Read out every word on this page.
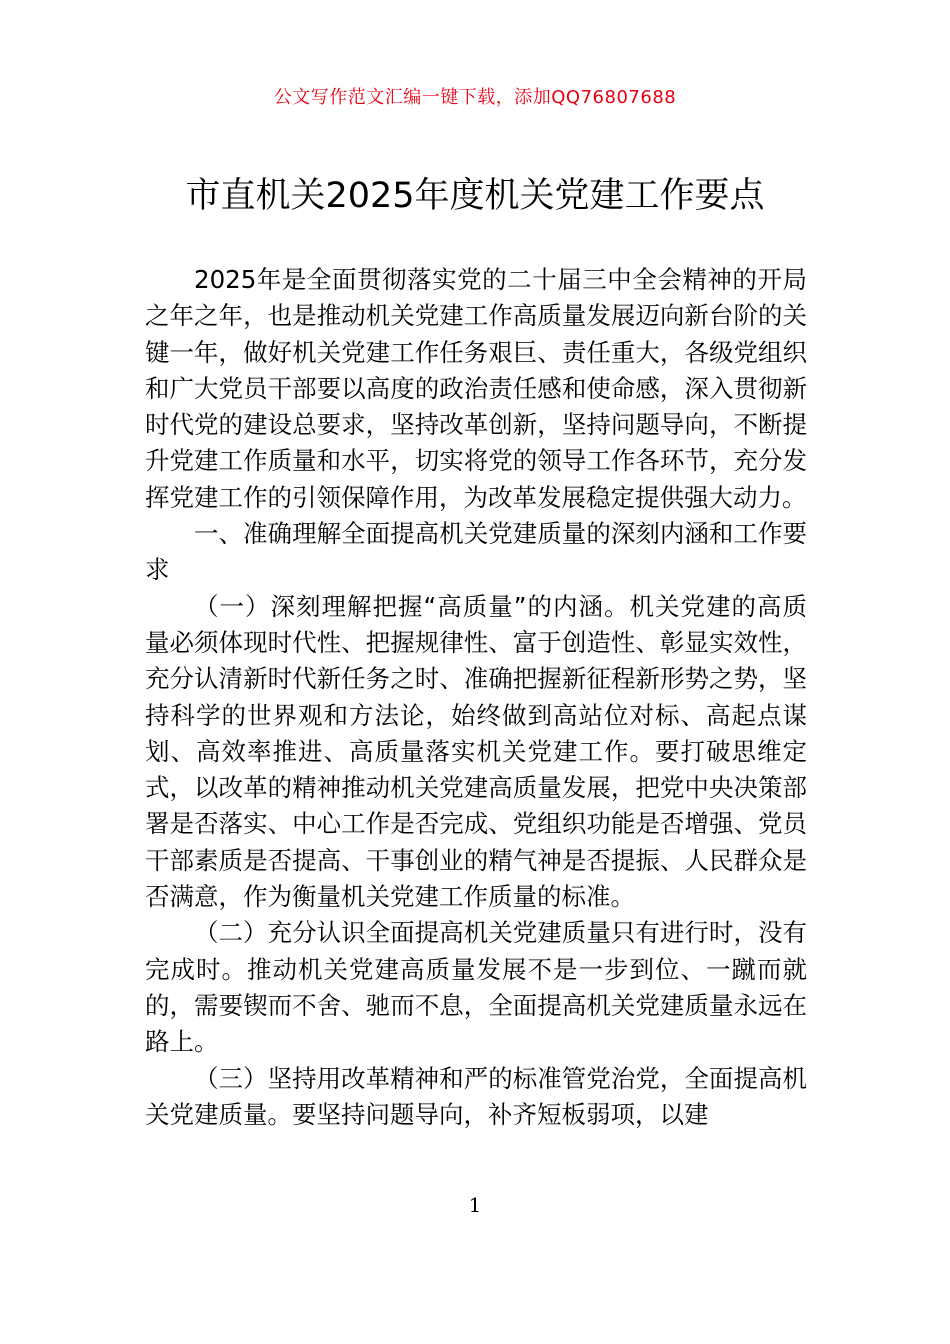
公文写作范文汇编一键下载，添加QQ76807688
市直机关2025年度机关党建工作要点

2025年是全面贯彻落实党的二十届三中全会精神的开局之年之年，也是推动机关党建工作高质量发展迈向新台阶的关键一年，做好机关党建工作任务艰巨、责任重大，各级党组织和广大党员干部要以高度的政治责任感和使命感，深入贯彻新时代党的建设总要求，坚持改革创新，坚持问题导向，不断提升党建工作质量和水平，切实将党的领导工作各环节，充分发挥党建工作的引领保障作用，为改革发展稳定提供强大动力。

一、准确理解全面提高机关党建质量的深刻内涵和工作要求

（一）深刻理解把握“高质量”的内涵。机关党建的高质量必须体现时代性、把握规律性、富于创造性、彰显实效性，充分认清新时代新任务之时、准确把握新征程新形势之势，坚持科学的世界观和方法论，始终做到高站位对标、高起点谋划、高效率推进、高质量落实机关党建工作。要打破思维定式，以改革的精神推动机关党建高质量发展，把党中央决策部署是否落实、中心工作是否完成、党组织功能是否增强、党员干部素质是否提高、干事创业的精气神是否提振、人民群众是否满意，作为衡量机关党建工作质量的标准。

（二）充分认识全面提高机关党建质量只有进行时，没有完成时。推动机关党建高质量发展不是一步到位、一蹴而就的，需要锲而不舍、驰而不息，全面提高机关党建质量永远在路上。

（三）坚持用改革精神和严的标准管党治党，全面提高机关党建质量。要坚持问题导向，补齐短板弱项，以建

1
